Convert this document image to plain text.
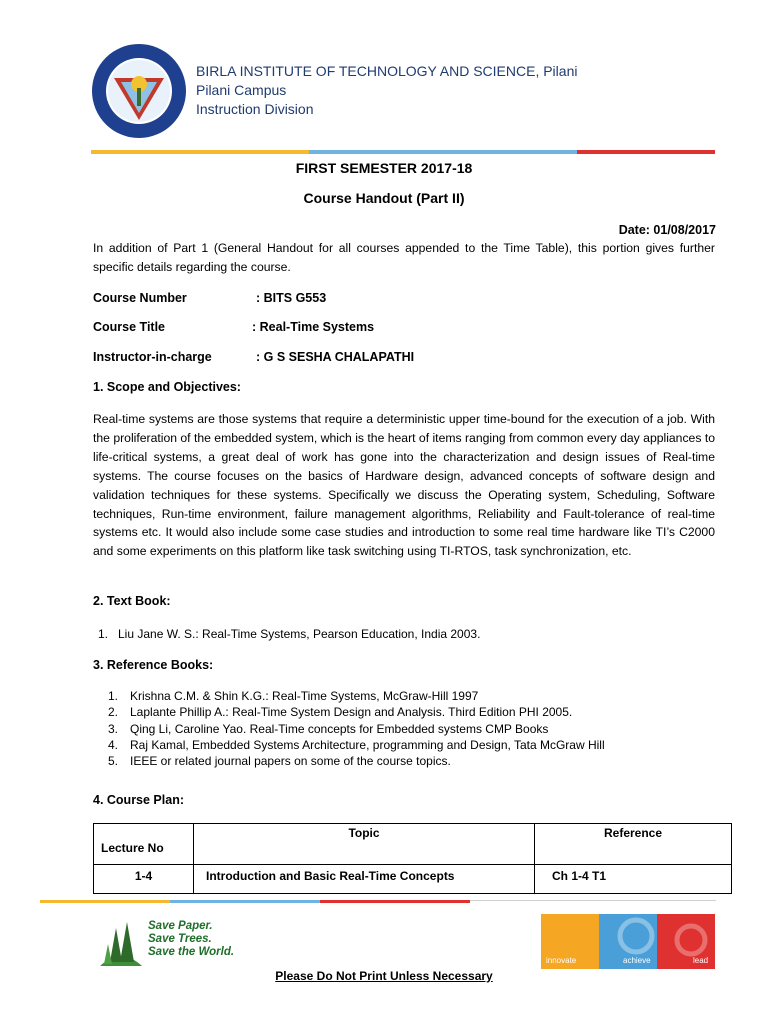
BIRLA INSTITUTE OF TECHNOLOGY AND SCIENCE, Pilani
Pilani Campus
Instruction Division
FIRST SEMESTER 2017-18
Course Handout (Part II)
Date: 01/08/2017
In addition of Part 1 (General Handout for all courses appended to the Time Table), this portion gives further specific details regarding the course.
Course Number	: BITS G553
Course Title	: Real-Time Systems
Instructor-in-charge	: G S SESHA CHALAPATHI
1. Scope and Objectives:
Real-time systems are those systems that require a deterministic upper time-bound for the execution of a job. With the proliferation of the embedded system, which is the heart of items ranging from common every day appliances to life-critical systems, a great deal of work has gone into the characterization and design issues of Real-time systems. The course focuses on the basics of Hardware design, advanced concepts of software design and validation techniques for these systems. Specifically we discuss the Operating system, Scheduling, Software techniques, Run-time environment, failure management algorithms, Reliability and Fault-tolerance of real-time systems etc. It would also include some case studies and introduction to some real time hardware like TI’s C2000 and some experiments on this platform like task switching using TI-RTOS, task synchronization, etc.
2. Text Book:
1. Liu Jane W. S.: Real-Time Systems, Pearson Education, India 2003.
3. Reference Books:
1.	Krishna C.M. & Shin K.G.: Real-Time Systems, McGraw-Hill 1997
2.	Laplante Phillip A.: Real-Time System Design and Analysis. Third Edition PHI 2005.
3.	Qing Li, Caroline Yao. Real-Time concepts for Embedded systems CMP Books
4.	Raj Kamal, Embedded Systems Architecture, programming and Design, Tata McGraw Hill
5.	IEEE or related journal papers on some of the course topics.
4. Course Plan:
Lecture No	Topic	Reference
1-4	Introduction and Basic Real-Time Concepts	Ch 1-4 T1
Save Paper.
Save Trees.
Save the World.
innovate	achieve	lead
Please Do Not Print Unless Necessary
